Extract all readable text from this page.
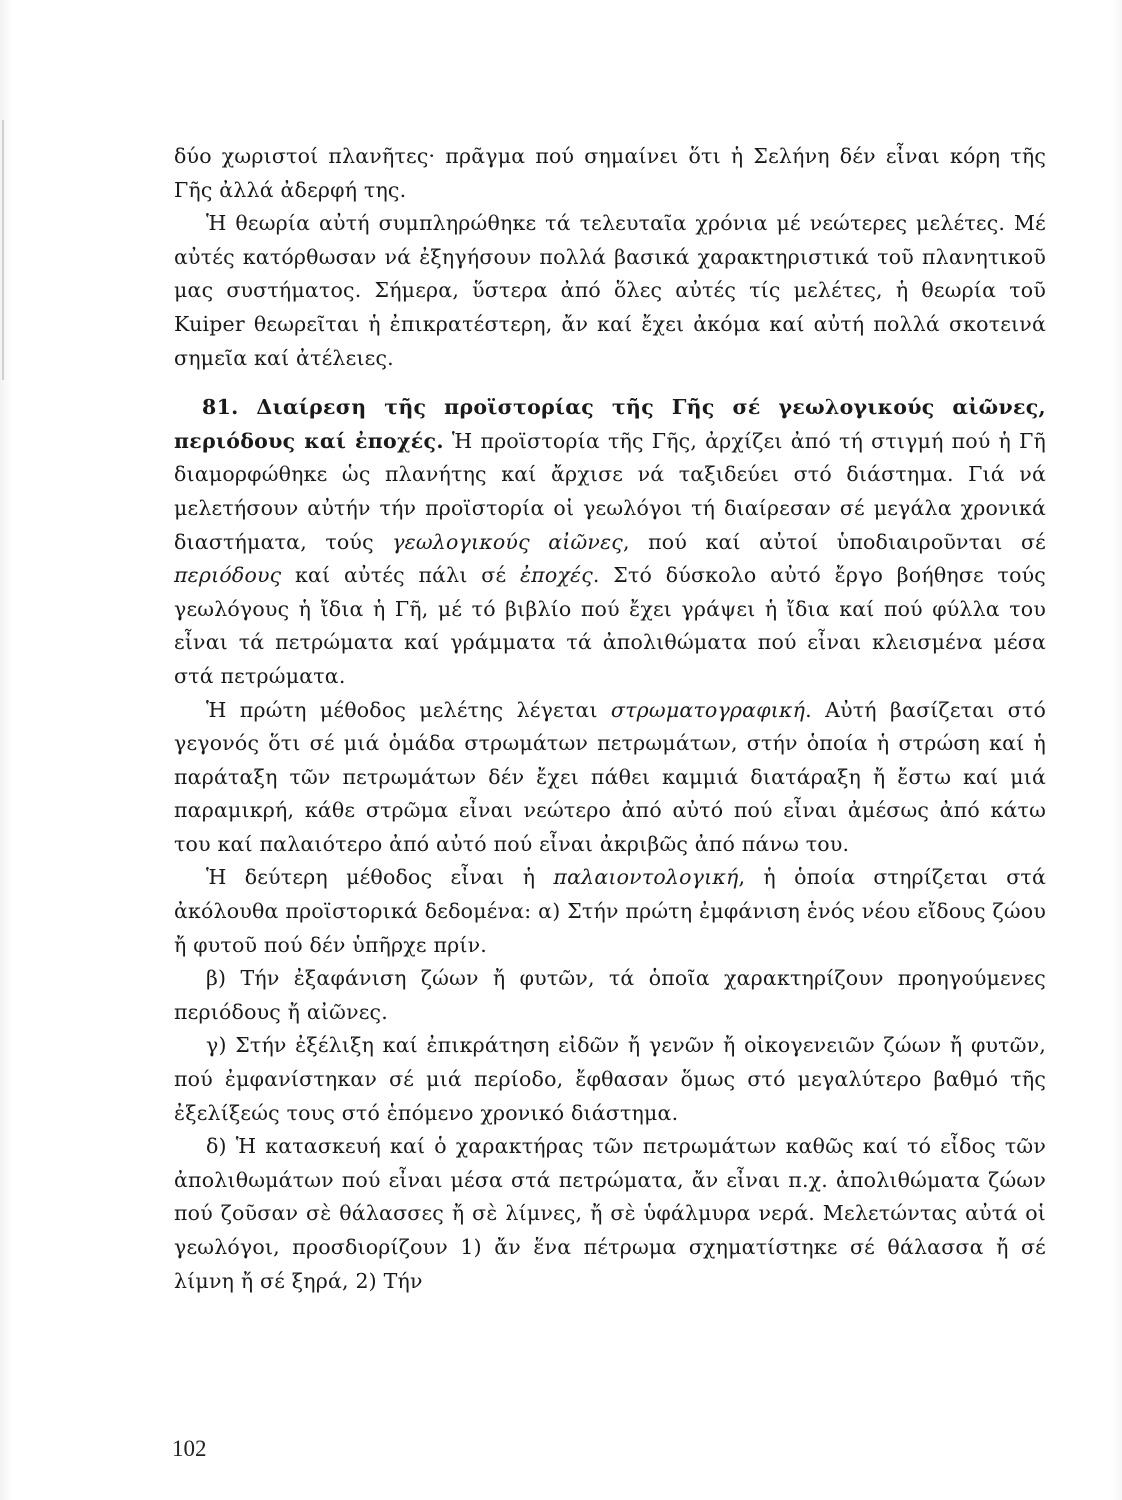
δύο χωριστοί πλανῆτες· πρᾶγμα πού σημαίνει ὅτι ἡ Σελήνη δέν εἶναι κόρη τῆς Γῆς ἀλλά ἀδερφή της.

Ἡ θεωρία αὐτή συμπληρώθηκε τά τελευταῖα χρόνια μέ νεώτερες μελέτες. Μέ αὐτές κατόρθωσαν νά ἐξηγήσουν πολλά βασικά χαρακτηριστικά τοῦ πλανητικοῦ μας συστήματος. Σήμερα, ὕστερα ἀπό ὅλες αὐτές τίς μελέτες, ἡ θεωρία τοῦ Kuiper θεωρεῖται ἡ ἐπικρατέστερη, ἄν καί ἔχει ἀκόμα καί αὐτή πολλά σκοτεινά σημεῖα καί ἀτέλειες.

81. Διαίρεση τῆς προϊστορίας τῆς Γῆς σέ γεωλογικούς αἰῶνες, περιόδους καί ἐποχές. Ἡ προϊστορία τῆς Γῆς, ἀρχίζει ἀπό τή στιγμή πού ἡ Γῆ διαμορφώθηκε ὡς πλανήτης καί ἄρχισε νά ταξιδεύει στό διάστημα. Γιά νά μελετήσουν αὐτήν τήν προϊστορία οἱ γεωλόγοι τή διαίρεσαν σέ μεγάλα χρονικά διαστήματα, τούς γεωλογικούς αἰῶνες, πού καί αὐτοί ὑποδιαιροῦνται σέ περιόδους καί αὐτές πάλι σέ ἐποχές. Στό δύσκολο αὐτό ἔργο βοήθησε τούς γεωλόγους ἡ ἴδια ἡ Γῆ, μέ τό βιβλίο πού ἔχει γράψει ἡ ἴδια καί πού φύλλα του εἶναι τά πετρώματα καί γράμματα τά ἀπολιθώματα πού εἶναι κλεισμένα μέσα στά πετρώματα.

Ἡ πρώτη μέθοδος μελέτης λέγεται στρωματογραφική. Αὐτή βασίζεται στό γεγονός ὅτι σέ μιά ὁμάδα στρωμάτων πετρωμάτων, στήν ὁποία ἡ στρώση καί ἡ παράταξη τῶν πετρωμάτων δέν ἔχει πάθει καμμιά διατάραξη ἤ ἔστω καί μιά παραμικρή, κάθε στρῶμα εἶναι νεώτερο ἀπό αὐτό πού εἶναι ἀμέσως ἀπό κάτω του καί παλαιότερο ἀπό αὐτό πού εἶναι ἀκριβῶς ἀπό πάνω του.

Ἡ δεύτερη μέθοδος εἶναι ἡ παλαιοντολογική, ἡ ὁποία στηρίζεται στά ἀκόλουθα προϊστορικά δεδομένα: α) Στήν πρώτη ἐμφάνιση ἑνός νέου εἴδους ζώου ἤ φυτοῦ πού δέν ὑπῆρχε πρίν.

β) Τήν ἐξαφάνιση ζώων ἤ φυτῶν, τά ὁποῖα χαρακτηρίζουν προηγούμενες περιόδους ἤ αἰῶνες.

γ) Στήν ἐξέλιξη καί ἐπικράτηση εἰδῶν ἤ γενῶν ἤ οἰκογενειῶν ζώων ἤ φυτῶν, πού ἐμφανίστηκαν σέ μιά περίοδο, ἔφθασαν ὅμως στό μεγαλύτερο βαθμό τῆς ἐξελίξεώς τους στό ἑπόμενο χρονικό διάστημα.

δ) Ἡ κατασκευή καί ὁ χαρακτήρας τῶν πετρωμάτων καθῶς καί τό εἶδος τῶν ἀπολιθωμάτων πού εἶναι μέσα στά πετρώματα, ἄν εἶναι π.χ. ἀπολιθώματα ζώων πού ζοῦσαν σὲ θάλασσες ἤ σὲ λίμνες, ἤ σὲ ὑφάλμυρα νερά. Μελετώντας αὐτά οἱ γεωλόγοι, προσδιορίζουν 1) ἄν ἕνα πέτρωμα σχηματίστηκε σέ θάλασσα ἤ σέ λίμνη ἤ σέ ξηρά, 2) Τήν

102
